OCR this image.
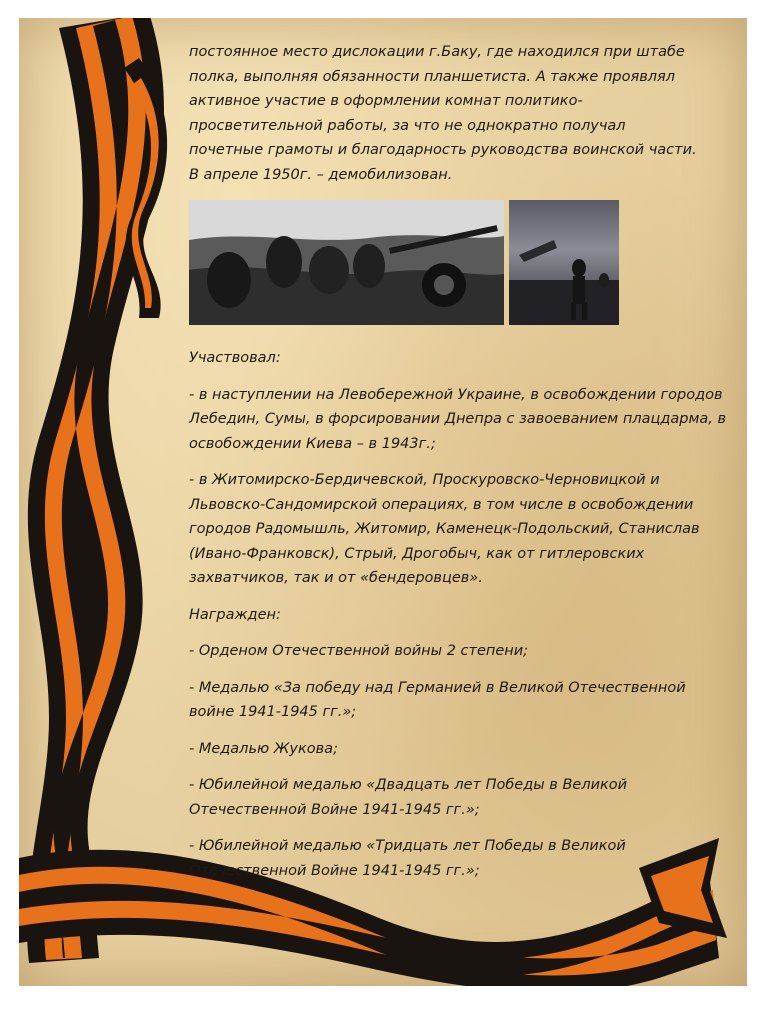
постоянное место дислокации г.Баку, где находился при штабе

полка, выполняя обязанности планшетиста. А также проявлял

активное участие в оформлении комнат политико-

просветительной работы, за что не однократно получал

почетные грамоты и благодарность руководства воинской части.

В апреле 1950г. – демобилизован.

Участвовал:

- в наступлении на Левобережной Украине, в освобождении городов
Лебедин, Сумы, в форсировании Днепра с завоеванием плацдарма, в
освобождении Киева – в 1943г.;

- в Житомирско-Бердичевской, Проскуровско-Черновицкой и
Львовско-Сандомирской операциях, в том числе в освобождении
городов Радомышль, Житомир, Каменецк-Подольский, Станислав
(Ивано-Франковск), Стрый, Дрогобыч, как от гитлеровских
захватчиков, так и от «бендеровцев».

Награжден:

- Орденом Отечественной войны 2 степени;

- Медалью «За победу над Германией в Великой Отечественной
войне 1941-1945 гг.»;

- Медалью Жукова;

- Юбилейной медалью «Двадцать лет Победы в Великой
Отечественной Войне 1941-1945 гг.»;

- Юбилейной медалью «Тридцать лет Победы в Великой
Отечественной Войне 1941-1945 гг.»;
